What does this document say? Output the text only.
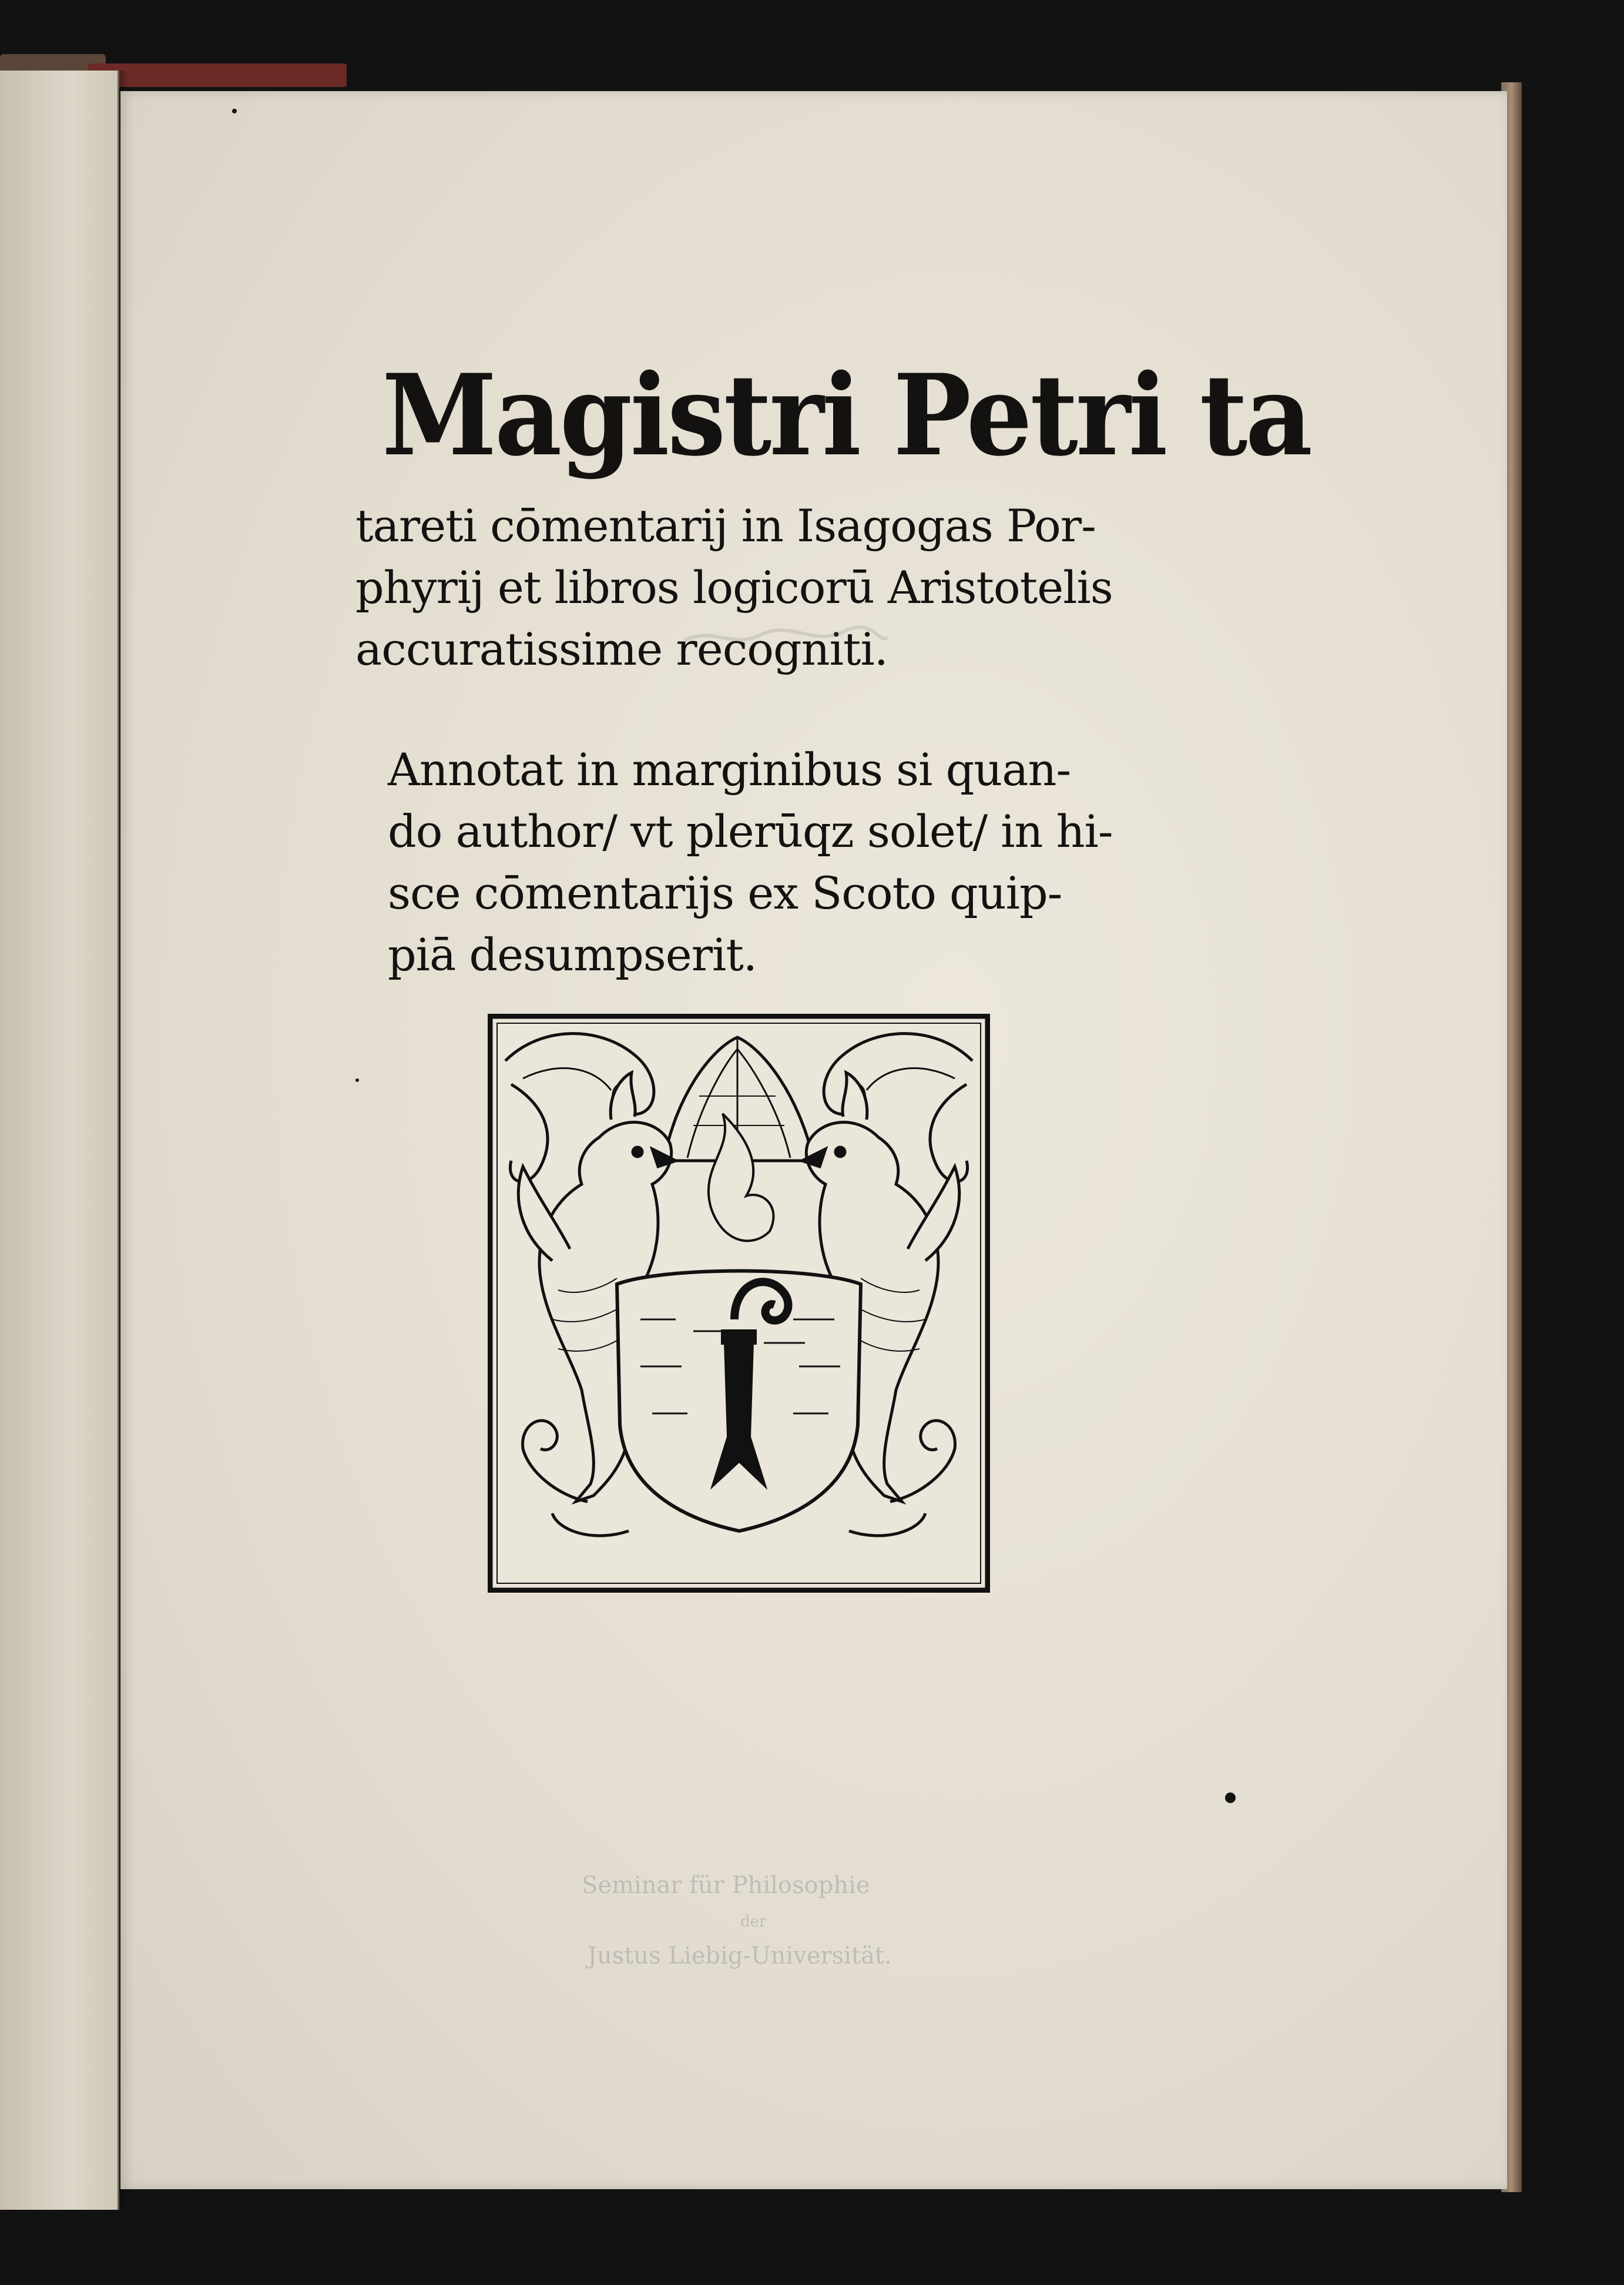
Magistri Petri ta
tareti cōmentarij in Isagogas Por-
phyrij et libros logicorū Aristotelis
accuratissime recogniti.
Annotat in marginibus si quan-
do author/ vt plerūqz solet/ in hi-
sce cōmentarijs ex Scoto quip-
piā desumpserit.
Seminar für Philosophie
der
Justus Liebig-Universität.
